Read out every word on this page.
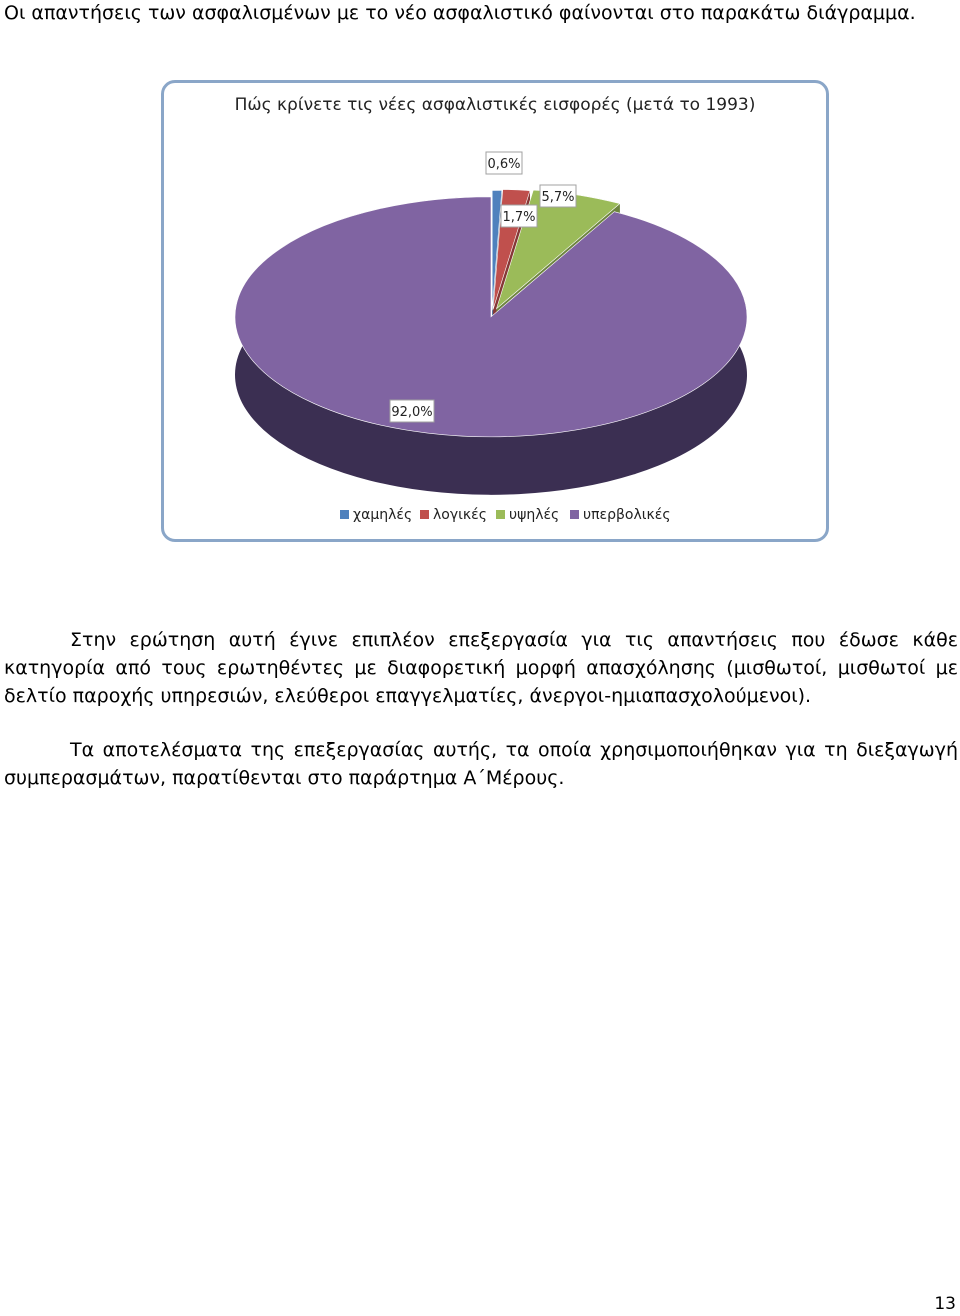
Οι απαντήσεις των ασφαλισμένων με το νέο ασφαλιστικό φαίνονται στο παρακάτω διάγραμμα.

Πώς κρίνετε τις νέες ασφαλιστικές εισφορές (μετά το 1993)
0,6%
1,7%
5,7%
92,0%
χαμηλές λογικές υψηλές υπερβολικές

Στην ερώτηση αυτή έγινε επιπλέον επεξεργασία για τις απαντήσεις που έδωσε κάθε κατηγορία από τους ερωτηθέντες με διαφορετική μορφή απασχόλησης (μισθωτοί, μισθωτοί με δελτίο παροχής υπηρεσιών, ελεύθεροι επαγγελματίες, άνεργοι-ημιαπασχολούμενοι).

Τα αποτελέσματα της επεξεργασίας αυτής, τα οποία χρησιμοποιήθηκαν για τη διεξαγωγή συμπερασμάτων, παρατίθενται στο παράρτημα Α΄Μέρους.

13
